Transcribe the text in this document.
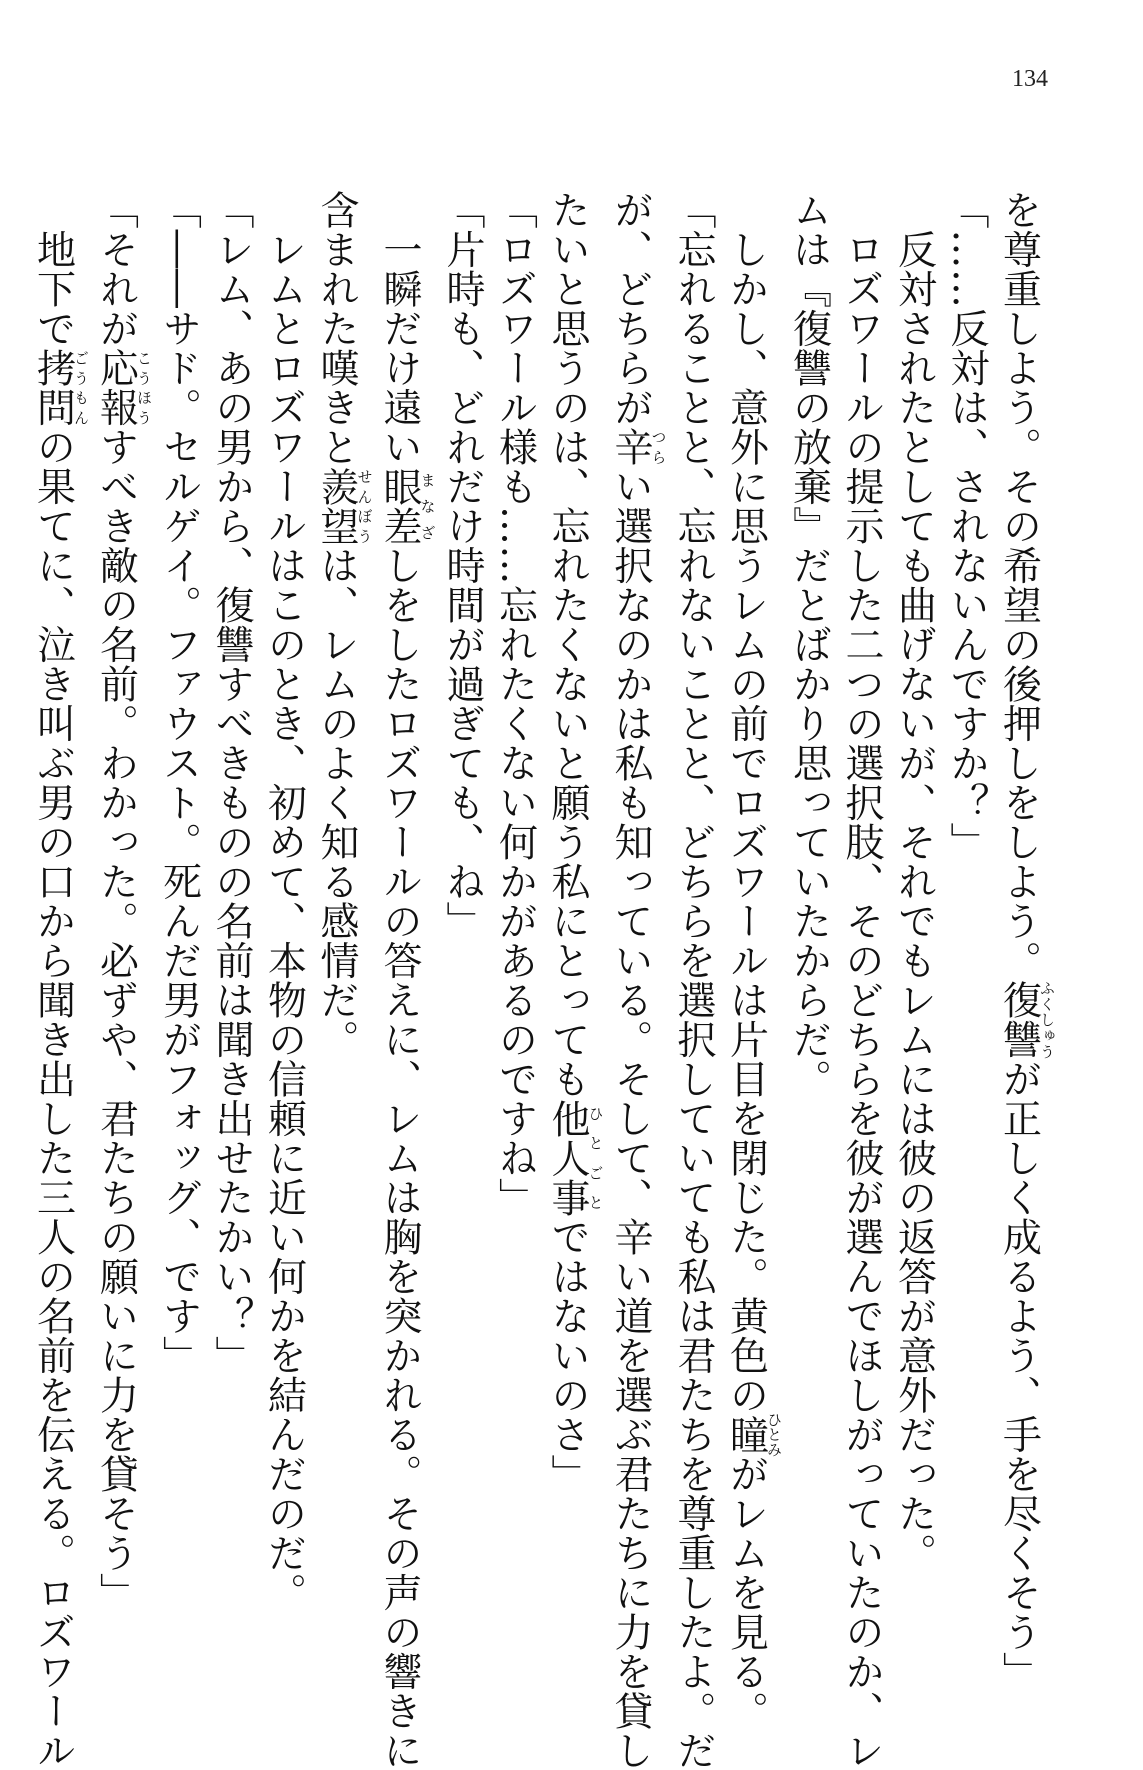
134
を尊重しよう。その希望の後押しをしよう。復讐ふくしゅうが正しく成るよう、手を尽くそう」
「……反対は、されないんですか？」
　反対されたとしても曲げないが、それでもレムには彼の返答が意外だった。
　ロズワールの提示した二つの選択肢、そのどちらを彼が選んでほしがっていたのか、レ
ムは『復讐の放棄』だとばかり思っていたからだ。
　しかし、意外に思うレムの前でロズワールは片目を閉じた。黄色の瞳ひとみがレムを見る。
「忘れることと、忘れないことと、どちらを選択していても私は君たちを尊重したよ。だ
が、どちらが辛つらい選択なのかは私も知っている。そして、辛い道を選ぶ君たちに力を貸し
たいと思うのは、忘れたくないと願う私にとっても他人事ひとごとではないのさ」
「ロズワール様も……忘れたくない何かがあるのですね」
「片時も、どれだけ時間が過ぎても、ね」
　一瞬だけ遠い眼差まなざしをしたロズワールの答えに、レムは胸を突かれる。その声の響きに
含まれた嘆きと羨望せんぼうは、レムのよく知る感情だ。
　レムとロズワールはこのとき、初めて、本物の信頼に近い何かを結んだのだ。
「レム、あの男から、復讐すべきものの名前は聞き出せたかい？」
「――サド。セルゲイ。ファウスト。死んだ男がフォッグ、です」
「それが応報こうほうすべき敵の名前。わかった。必ずや、君たちの願いに力を貸そう」
　地下で拷問ごうもんの果てに、泣き叫ぶ男の口から聞き出した三人の名前を伝える。ロズワール
